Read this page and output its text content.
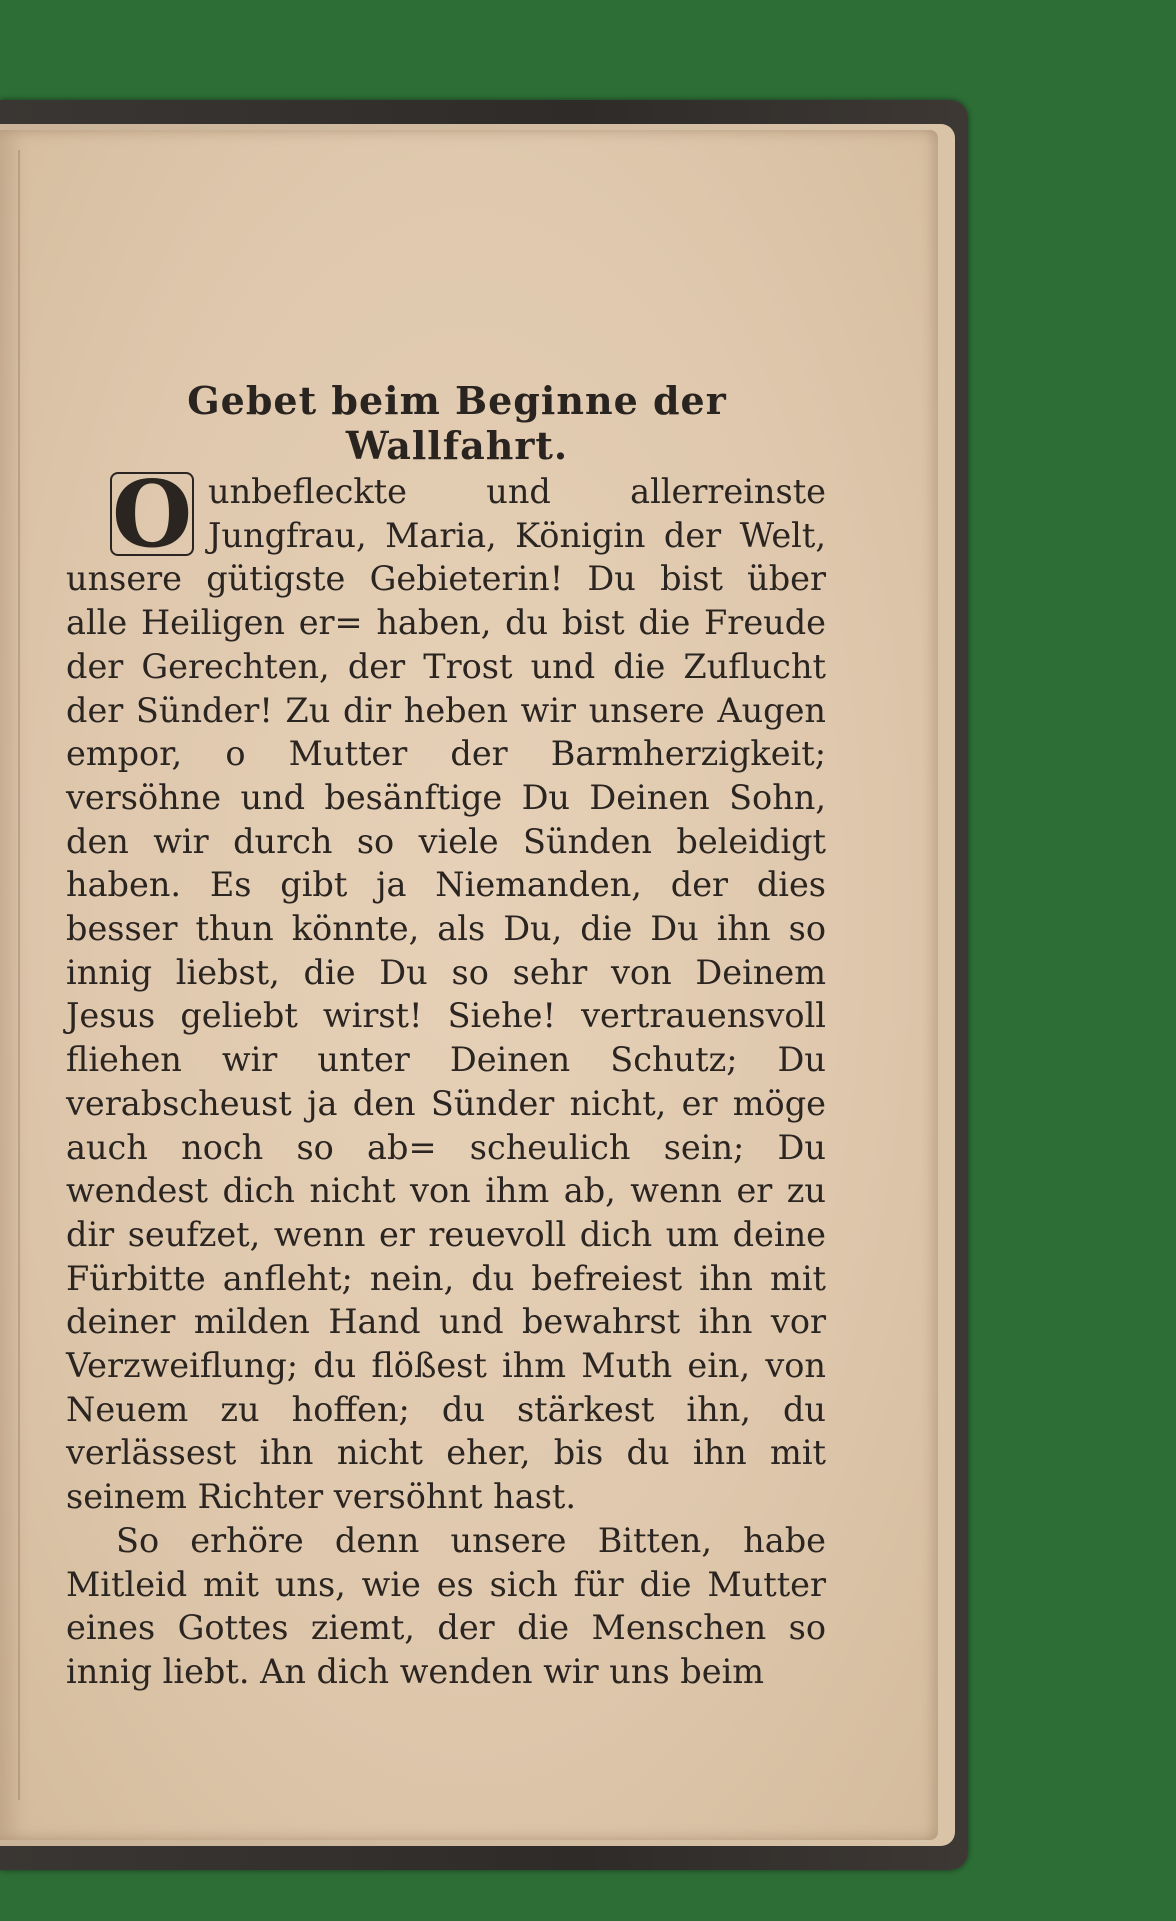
Gebet beim Beginne der Wallfahrt.

O unbefleckte und allerreinste Jungfrau, Maria, Königin der Welt, unsere gütigste Gebieterin! Du bist über alle Heiligen er= haben, du bist die Freude der Gerechten, der Trost und die Zuflucht der Sünder! Zu dir heben wir unsere Augen empor, o Mutter der Barmherzigkeit; versöhne und besänftige Du Deinen Sohn, den wir durch so viele Sünden beleidigt haben. Es gibt ja Niemanden, der dies besser thun könnte, als Du, die Du ihn so innig liebst, die Du so sehr von Deinem Jesus geliebt wirst! Siehe! vertrauensvoll fliehen wir unter Deinen Schutz; Du verabscheust ja den Sünder nicht, er möge auch noch so ab= scheulich sein; Du wendest dich nicht von ihm ab, wenn er zu dir seufzet, wenn er reuevoll dich um deine Fürbitte anfleht; nein, du befreiest ihn mit deiner milden Hand und bewahrst ihn vor Verzweiflung; du flößest ihm Muth ein, von Neuem zu hoffen; du stärkest ihn, du verlässest ihn nicht eher, bis du ihn mit seinem Richter versöhnt hast.

So erhöre denn unsere Bitten, habe Mitleid mit uns, wie es sich für die Mutter eines Gottes ziemt, der die Menschen so innig liebt. An dich wenden wir uns beim
